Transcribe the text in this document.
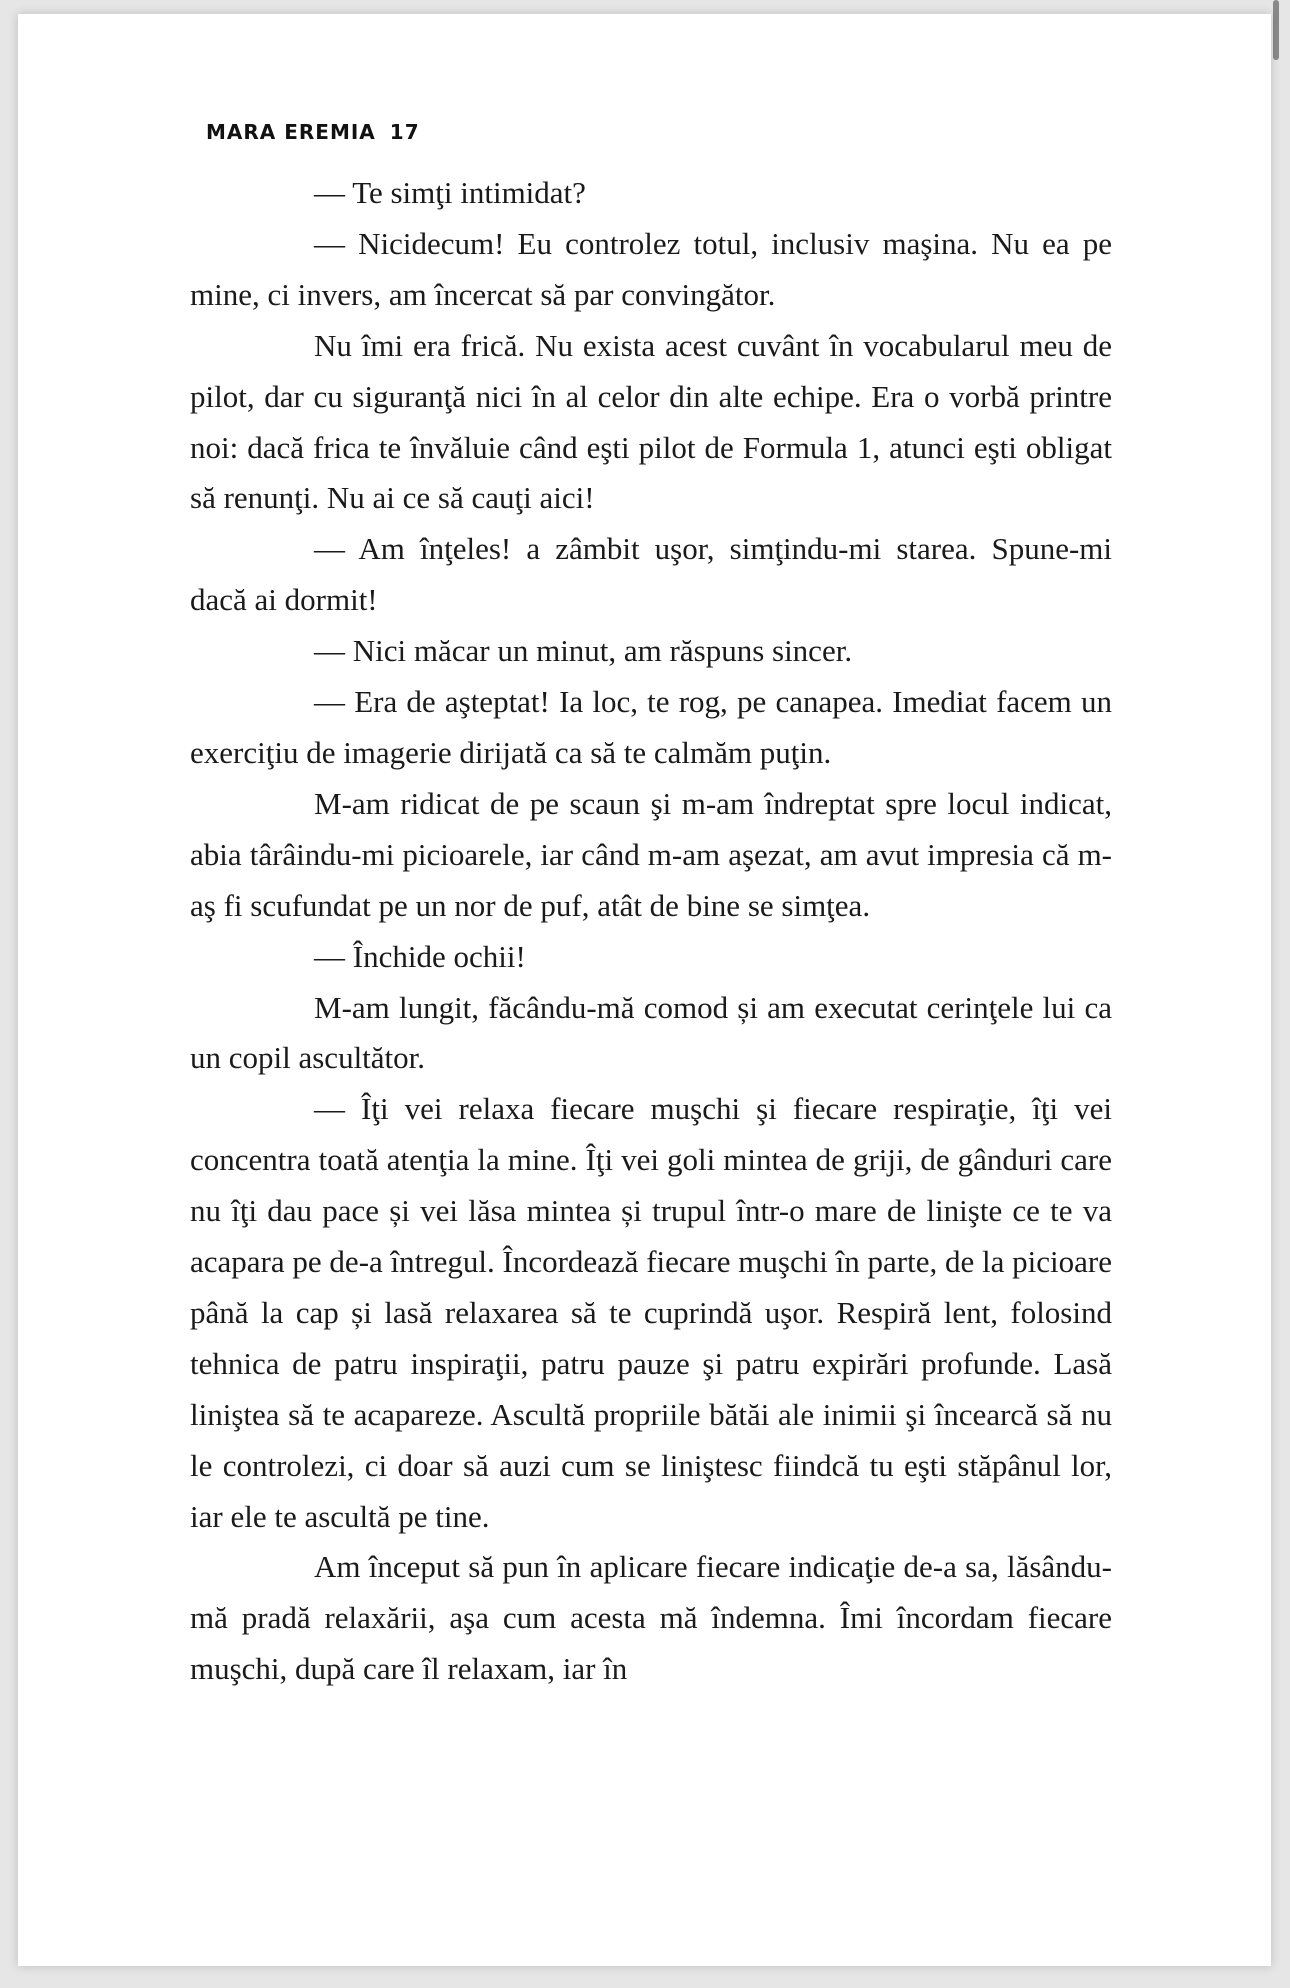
MARA EREMIA 17

— Te simţi intimidat?

— Nicidecum! Eu controlez totul, inclusiv maşina. Nu ea pe mine, ci invers, am încercat să par convingător.

Nu îmi era frică. Nu exista acest cuvânt în vocabularul meu de pilot, dar cu siguranţă nici în al celor din alte echipe. Era o vorbă printre noi: dacă frica te învăluie când eşti pilot de Formula 1, atunci eşti obligat să renunţi. Nu ai ce să cauţi aici!

— Am înţeles! a zâmbit uşor, simţindu-mi starea. Spune-mi dacă ai dormit!

— Nici măcar un minut, am răspuns sincer.

— Era de aşteptat! Ia loc, te rog, pe canapea. Imediat facem un exerciţiu de imagerie dirijată ca să te calmăm puţin.

M-am ridicat de pe scaun şi m-am îndreptat spre locul indicat, abia târâindu-mi picioarele, iar când m-am aşezat, am avut impresia că m-aş fi scufundat pe un nor de puf, atât de bine se simţea.

— Închide ochii!

M-am lungit, făcându-mă comod și am executat cerinţele lui ca un copil ascultător.

— Îţi vei relaxa fiecare muşchi şi fiecare respiraţie, îţi vei concentra toată atenţia la mine. Îţi vei goli mintea de griji, de gânduri care nu îţi dau pace și vei lăsa mintea și trupul într-o mare de linişte ce te va acapara pe de-a întregul. Încordează fiecare muşchi în parte, de la picioare până la cap și lasă relaxarea să te cuprindă uşor. Respiră lent, folosind tehnica de patru inspiraţii, patru pauze şi patru expirări profunde. Lasă liniştea să te acapareze. Ascultă propriile bătăi ale inimii şi încearcă să nu le controlezi, ci doar să auzi cum se liniştesc fiindcă tu eşti stăpânul lor, iar ele te ascultă pe tine.

Am început să pun în aplicare fiecare indicaţie de-a sa, lăsându-mă pradă relaxării, aşa cum acesta mă îndemna. Îmi încordam fiecare muşchi, după care îl relaxam, iar în
